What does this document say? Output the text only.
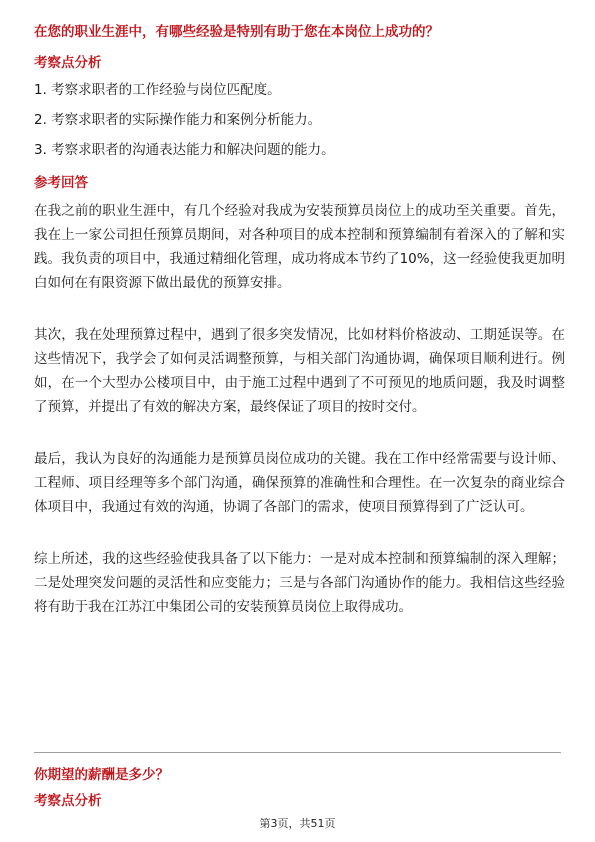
在您的职业生涯中，有哪些经验是特别有助于您在本岗位上成功的？
考察点分析
1. 考察求职者的工作经验与岗位匹配度。
2. 考察求职者的实际操作能力和案例分析能力。
3. 考察求职者的沟通表达能力和解决问题的能力。
参考回答

在我之前的职业生涯中，有几个经验对我成为安装预算员岗位上的成功至关重要。首先，我在上一家公司担任预算员期间，对各种项目的成本控制和预算编制有着深入的了解和实践。我负责的项目中，我通过精细化管理，成功将成本节约了10%，这一经验使我更加明白如何在有限资源下做出最优的预算安排。

其次，我在处理预算过程中，遇到了很多突发情况，比如材料价格波动、工期延误等。在这些情况下，我学会了如何灵活调整预算，与相关部门沟通协调，确保项目顺利进行。例如，在一个大型办公楼项目中，由于施工过程中遇到了不可预见的地质问题，我及时调整了预算，并提出了有效的解决方案，最终保证了项目的按时交付。

最后，我认为良好的沟通能力是预算员岗位成功的关键。我在工作中经常需要与设计师、工程师、项目经理等多个部门沟通，确保预算的准确性和合理性。在一次复杂的商业综合体项目中，我通过有效的沟通，协调了各部门的需求，使项目预算得到了广泛认可。

综上所述，我的这些经验使我具备了以下能力：一是对成本控制和预算编制的深入理解；二是处理突发问题的灵活性和应变能力；三是与各部门沟通协作的能力。我相信这些经验将有助于我在江苏江中集团公司的安装预算员岗位上取得成功。

你期望的薪酬是多少？
考察点分析
第3页，共51页
